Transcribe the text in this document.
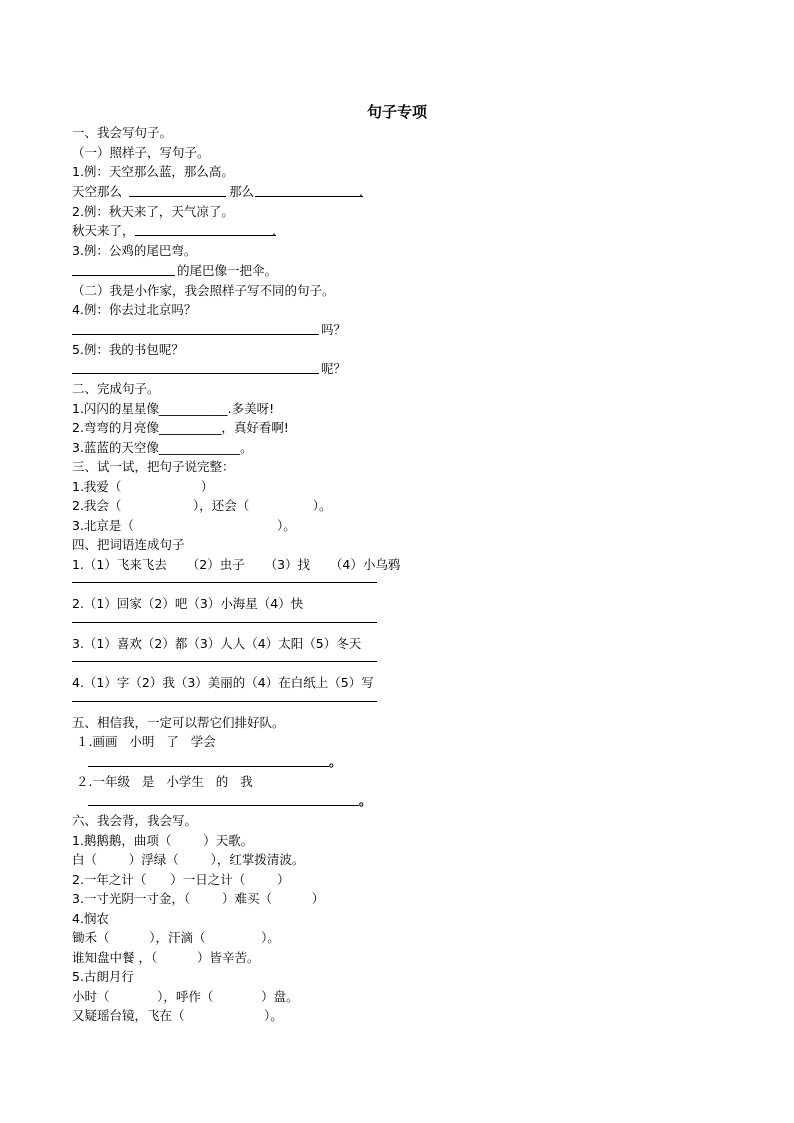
句子专项
一、我会写句子。
（一）照样子，写句子。
1.例：天空那么蓝，那么高。
天空那么	那么	.
2.例：秋天来了，天气凉了。
秋天来了，	.
3.例：公鸡的尾巴弯。
的尾巴像一把伞。
（二）我是小作家，我会照样子写不同的句子。
4.例：你去过北京吗？
吗？
5.例：我的书包呢？
呢？
二、完成句子。
1.闪闪的星星像___________.多美呀!
2.弯弯的月亮像__________，真好看啊!
3.蓝蓝的天空像_____________。
三、试一试，把句子说完整：
1.我爱（                    ）
2.我会（                  ），还会（                ）。
3.北京是（                                    ）。
四、把词语连成句子
1.（1）飞来飞去     （2）虫子     （3）找     （4）小乌鸦
2.（1）回家（2）吧（3）小海星（4）快
3.（1）喜欢（2）都（3）人人（4）太阳（5）冬天
4.（1）字（2）我（3）美丽的（4）在白纸上（5）写
五、相信我，一定可以帮它们排好队。
１.画画   小明   了   学会
。
２.一年级   是   小学生   的   我
。
六、我会背，我会写。
1.鹅鹅鹅，曲项（        ）天歌。
白（        ）浮绿（        ），红掌拨清波。
2.一年之计（      ）一日之计（        ）
3.一寸光阴一寸金，（        ）难买（          ）
4.悯农
锄禾（          ），汗滴（              ）。
谁知盘中餐 ，（          ）皆辛苦。
5.古朗月行
小时（            ），呼作（            ）盘。
又疑瑶台镜，飞在（                    ）。
